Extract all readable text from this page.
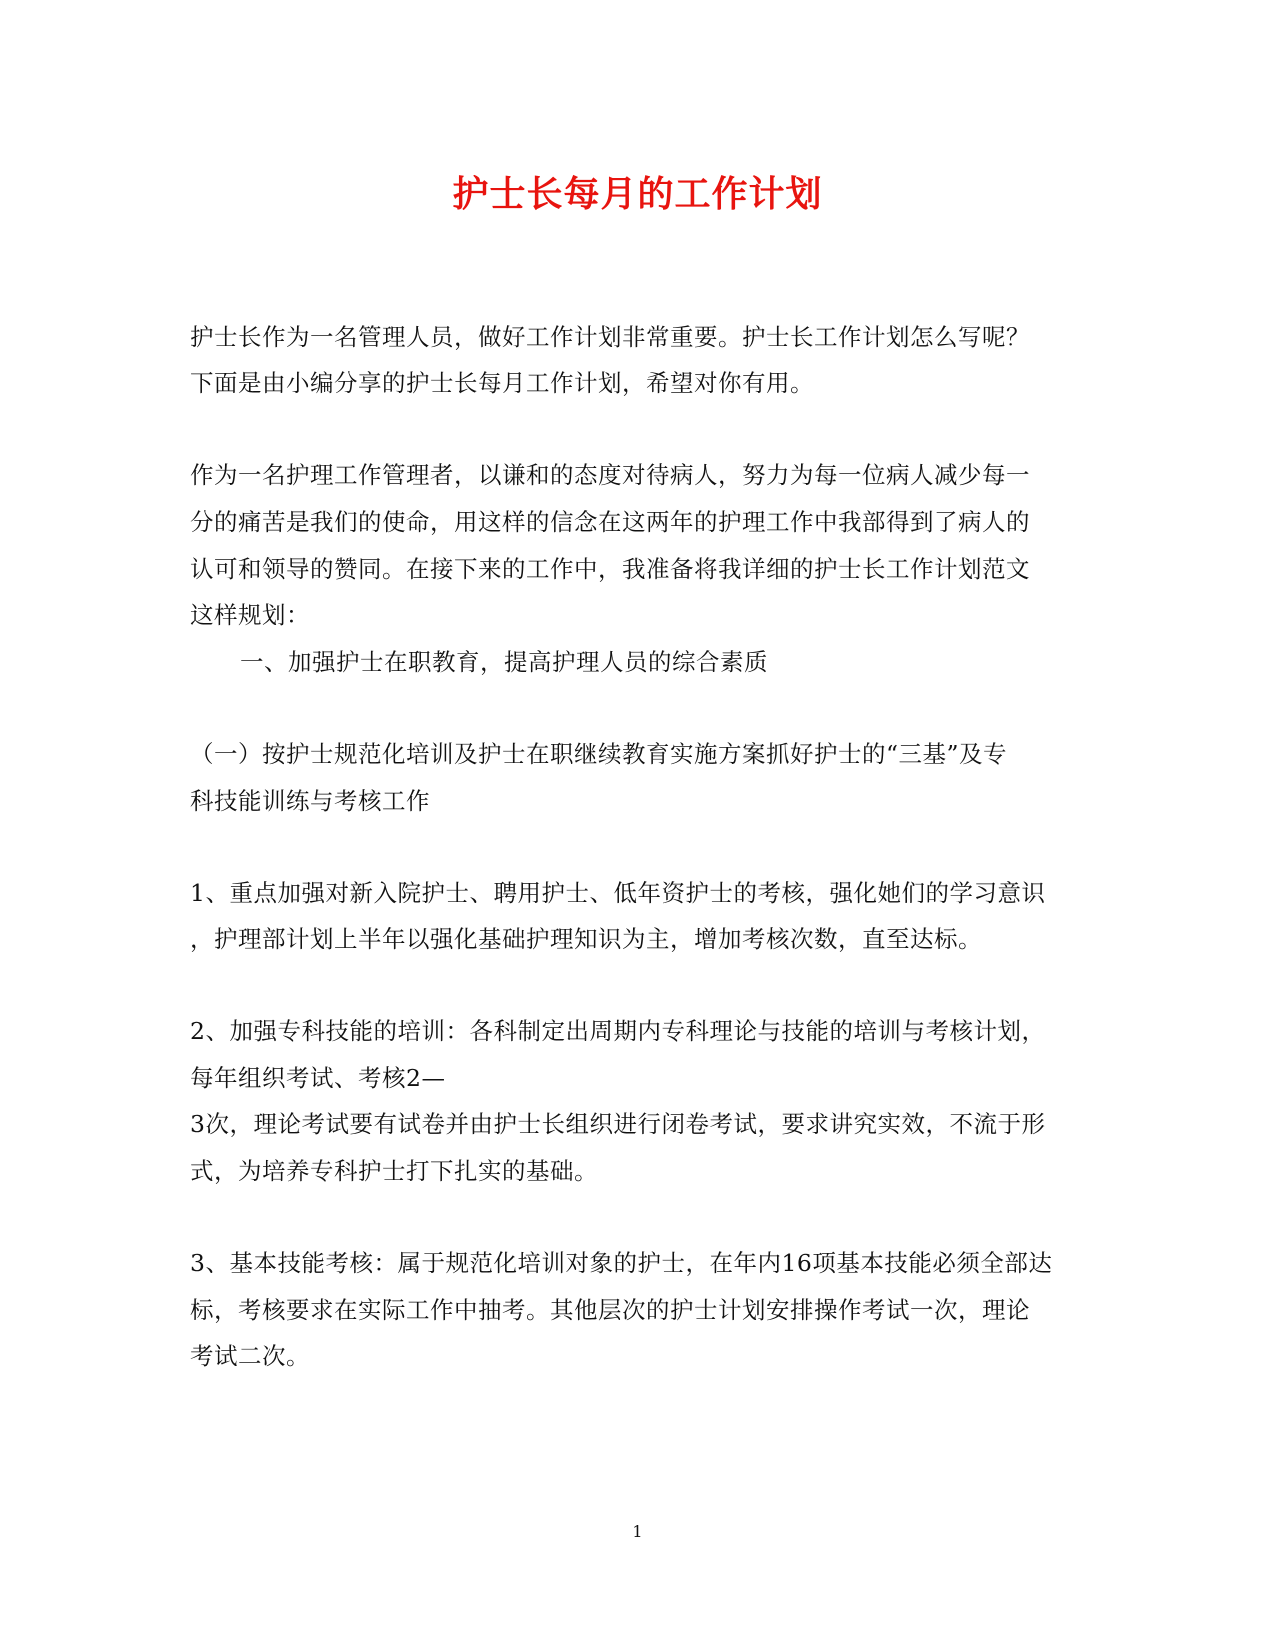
护士长每月的工作计划
护士长作为一名管理人员，做好工作计划非常重要。护士长工作计划怎么写呢？
下面是由小编分享的护士长每月工作计划，希望对你有用。
作为一名护理工作管理者，以谦和的态度对待病人，努力为每一位病人减少每一
分的痛苦是我们的使命，用这样的信念在这两年的护理工作中我部得到了病人的
认可和领导的赞同。在接下来的工作中，我准备将我详细的护士长工作计划范文
这样规划：
一、加强护士在职教育，提高护理人员的综合素质
（一）按护士规范化培训及护士在职继续教育实施方案抓好护士的“三基”及专
科技能训练与考核工作
1、重点加强对新入院护士、聘用护士、低年资护士的考核，强化她们的学习意识
，护理部计划上半年以强化基础护理知识为主，增加考核次数，直至达标。
2、加强专科技能的培训：各科制定出周期内专科理论与技能的培训与考核计划，
每年组织考试、考核2—
3次，理论考试要有试卷并由护士长组织进行闭卷考试，要求讲究实效，不流于形
式，为培养专科护士打下扎实的基础。
3、基本技能考核：属于规范化培训对象的护士，在年内16项基本技能必须全部达
标，考核要求在实际工作中抽考。其他层次的护士计划安排操作考试一次，理论
考试二次。
1
